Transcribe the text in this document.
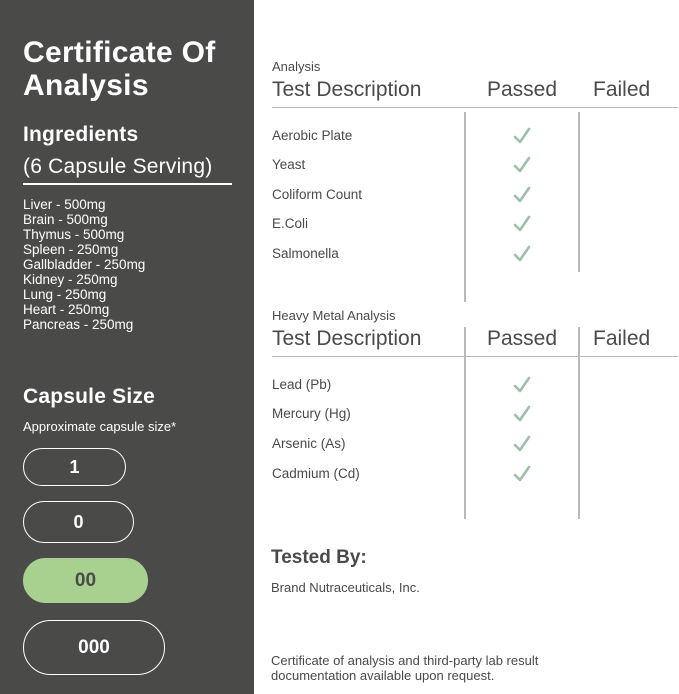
Certificate Of Analysis
Ingredients
(6 Capsule Serving)
Liver - 500mg
Brain - 500mg
Thymus - 500mg
Spleen - 250mg
Gallbladder - 250mg
Kidney - 250mg
Lung - 250mg
Heart - 250mg
Pancreas - 250mg
Capsule Size
Approximate capsule size*
1
0
00
000
Analysis
Test Description	Passed Failed
Aerobic Plate
Yeast
Coliform Count
E.Coli
Salmonella
Heavy Metal Analysis
Test Description	Passed Failed
Lead (Pb)
Mercury (Hg)
Arsenic (As)
Cadmium (Cd)
Tested By:
Brand Nutraceuticals, Inc.
Certificate of analysis and third-party lab result documentation available upon request.
